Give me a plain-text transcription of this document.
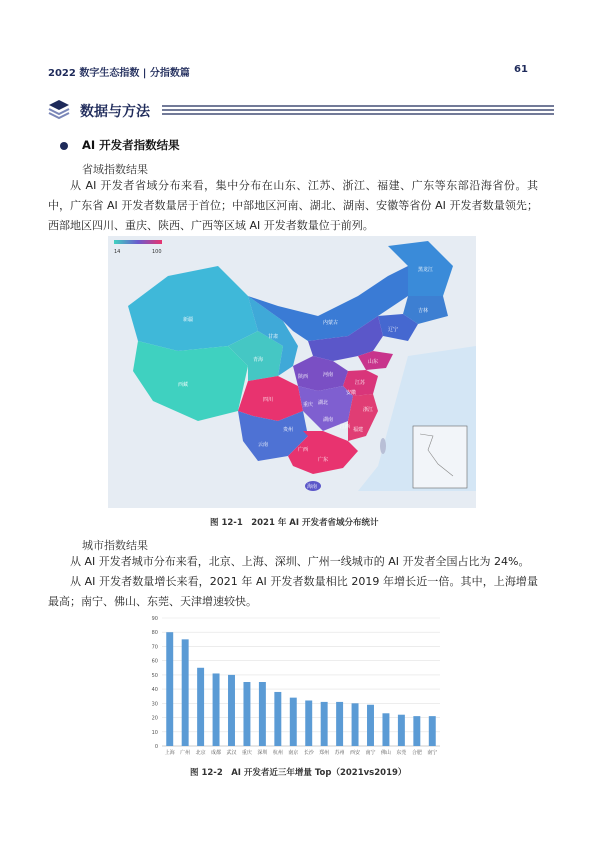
2022 数字生态指数 | 分指数篇	61
数据与方法
AI 开发者指数结果
省域指数结果
从 AI 开发者省域分布来看，集中分布在山东、江苏、浙江、福建、广东等东部沿海省份。其中，广东省 AI 开发者数量居于首位；中部地区河南、湖北、湖南、安徽等省份 AI 开发者数量领先；西部地区四川、重庆、陕西、广西等区域 AI 开发者数量位于前列。
14	100
新疆
西藏
青海
甘肃
内蒙古
黑龙江
吉林
辽宁
四川
云南
广东
湖北
湖南
江苏
浙江
福建
广西
山东
河南
陕西
重庆
安徽
江西
贵州
海南
图 12-1　2021 年 AI 开发者省域分布统计
城市指数结果
从 AI 开发者城市分布来看，北京、上海、深圳、广州一线城市的 AI 开发者全国占比为 24%。
从 AI 开发者数量增长来看，2021 年 AI 开发者数量相比 2019 年增长近一倍。其中，上海增量最高；南宁、佛山、东莞、天津增速较快。
0
10
20
30
40
50
60
70
80
90
上海 广州 北京 成都 武汉 重庆 深圳 杭州 南京 长沙 郑州 苏州 西安 南宁 佛山 东莞 合肥 南宁
图 12-2　AI 开发者近三年增量 Top（2021vs2019）
